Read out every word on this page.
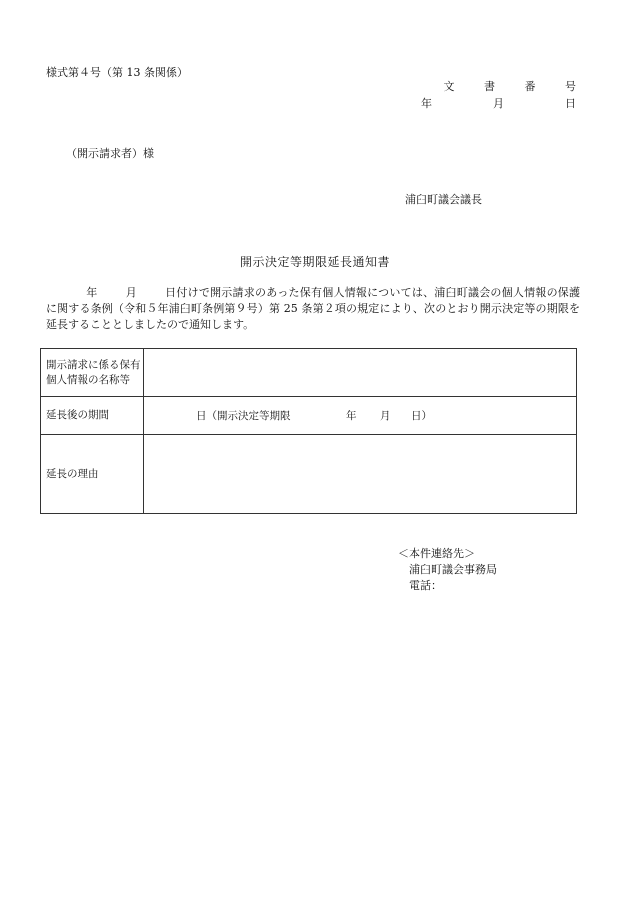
様式第４号（第 13 条関係）
文 書 番 号
年　　月　　日
（開示請求者）様
浦臼町議会議長
開示決定等期限延長通知書
年	月	日付けで開示請求のあった保有個人情報については、浦臼町議会の個人情報の保護に関する条例（令和５年浦臼町条例第９号）第 25 条第２項の規定により、次のとおり開示決定等の期限を延長することとしましたので通知します。
開示請求に係る保有個人情報の名称等	
延長後の期間	日（開示決定等期限 年 月 日）

延長の理由	
＜本件連絡先＞
浦臼町議会事務局
電話：
